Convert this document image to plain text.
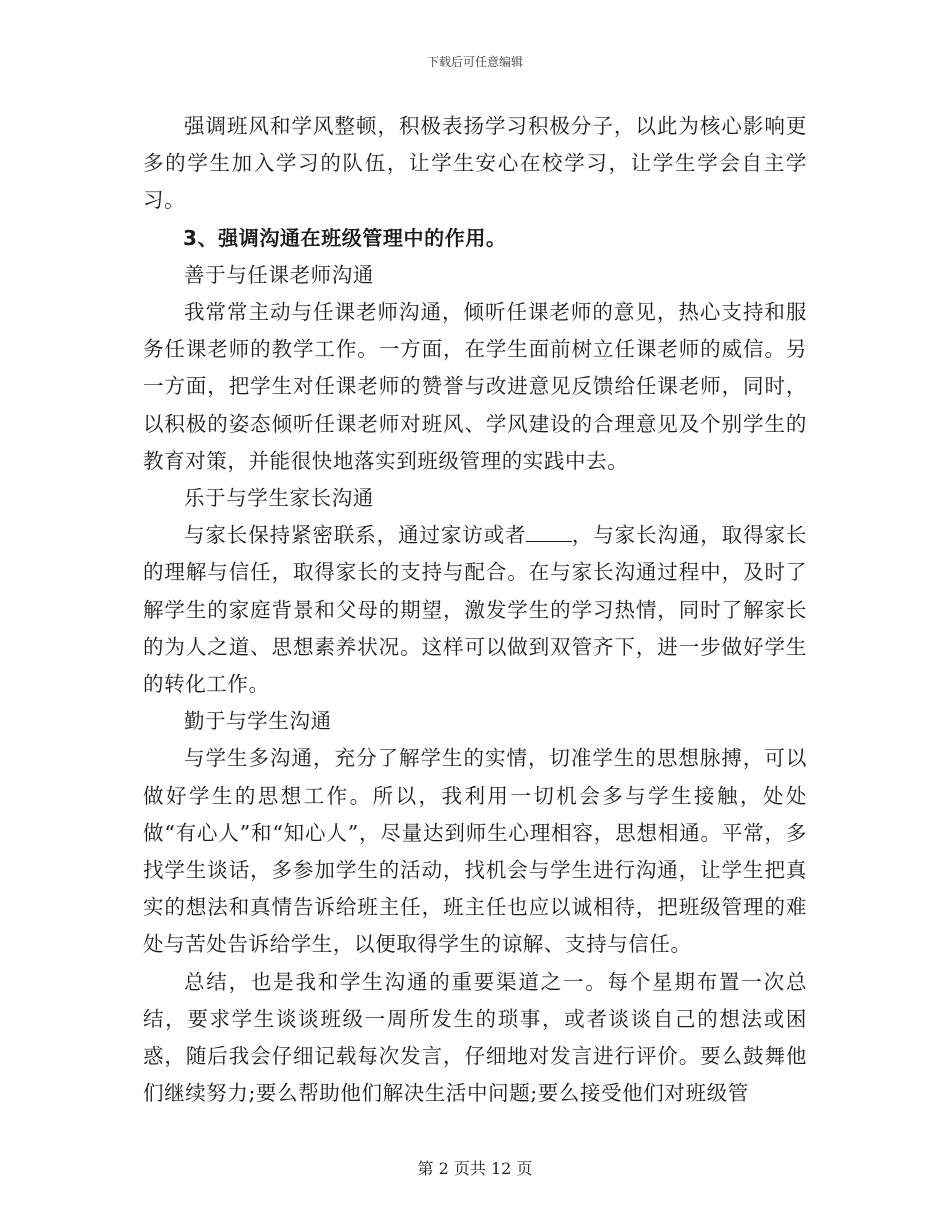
下载后可任意编辑

强调班风和学风整顿，积极表扬学习积极分子，以此为核心影响更多的学生加入学习的队伍，让学生安心在校学习，让学生学会自主学习。

3、强调沟通在班级管理中的作用。

善于与任课老师沟通

我常常主动与任课老师沟通，倾听任课老师的意见，热心支持和服务任课老师的教学工作。一方面，在学生面前树立任课老师的威信。另一方面，把学生对任课老师的赞誉与改进意见反馈给任课老师，同时，以积极的姿态倾听任课老师对班风、学风建设的合理意见及个别学生的教育对策，并能很快地落实到班级管理的实践中去。

乐于与学生家长沟通

与家长保持紧密联系，通过家访或者 ，与家长沟通，取得家长的理解与信任，取得家长的支持与配合。在与家长沟通过程中，及时了解学生的家庭背景和父母的期望，激发学生的学习热情，同时了解家长的为人之道、思想素养状况。这样可以做到双管齐下，进一步做好学生的转化工作。

勤于与学生沟通

与学生多沟通，充分了解学生的实情，切准学生的思想脉搏，可以做好学生的思想工作。所以，我利用一切机会多与学生接触，处处做“有心人”和“知心人”，尽量达到师生心理相容，思想相通。平常，多找学生谈话，多参加学生的活动，找机会与学生进行沟通，让学生把真实的想法和真情告诉给班主任，班主任也应以诚相待，把班级管理的难处与苦处告诉给学生，以便取得学生的谅解、支持与信任。

总结，也是我和学生沟通的重要渠道之一。每个星期布置一次总结，要求学生谈谈班级一周所发生的琐事，或者谈谈自己的想法或困惑，随后我会仔细记载每次发言，仔细地对发言进行评价。要么鼓舞他们继续努力;要么帮助他们解决生活中问题;要么接受他们对班级管

第 2 页共 12 页
